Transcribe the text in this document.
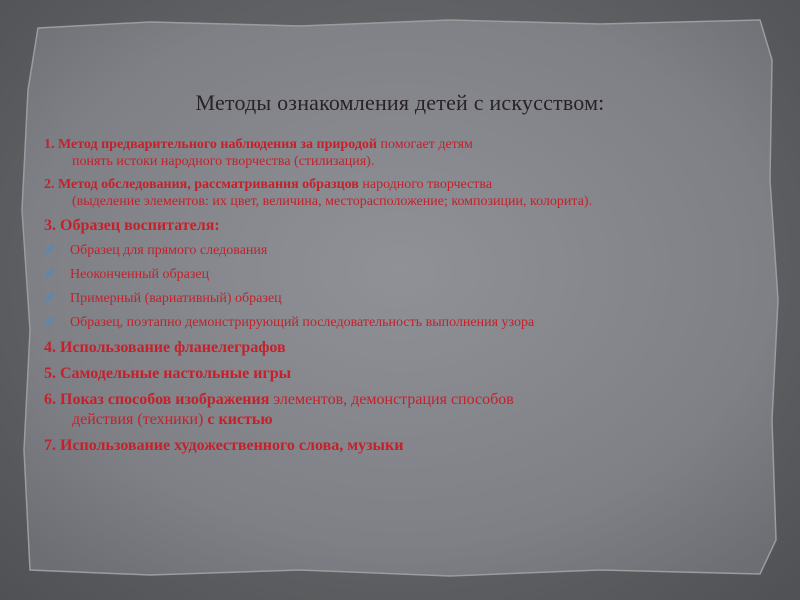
Методы ознакомления детей с искусством:
1. Метод предварительного наблюдения за природой помогает детям
понять истоки народного творчества (стилизация).
2. Метод обследования, рассматривания образцов народного творчества
(выделение элементов: их цвет, величина, месторасположение; композиции, колорита).
3. Образец воспитателя:
✔	Образец для прямого следования
✔	Неоконченный образец
✔	Примерный (вариативный) образец
✔	Образец, поэтапно демонстрирующий последовательность выполнения узора
4. Использование фланелеграфов
5. Самодельные настольные игры
6. Показ способов изображения элементов, демонстрация способов
действия (техники) с кистью
7. Использование художественного слова, музыки
